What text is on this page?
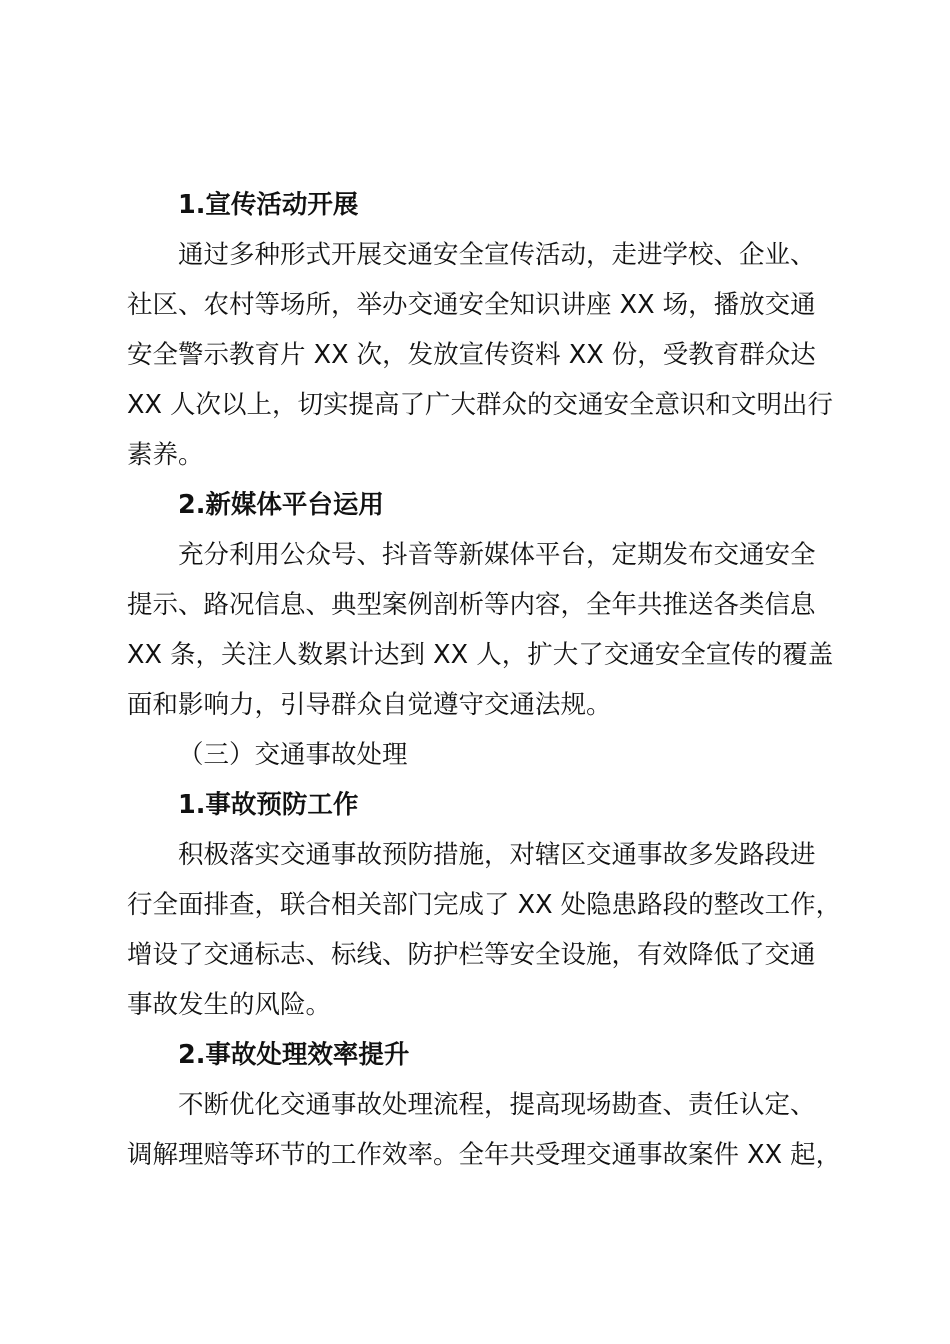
1.宣传活动开展
通过多种形式开展交通安全宣传活动，走进学校、企业、
社区、农村等场所，举办交通安全知识讲座 XX 场，播放交通
安全警示教育片 XX 次，发放宣传资料 XX 份，受教育群众达
XX 人次以上，切实提高了广大群众的交通安全意识和文明出行
素养。
2.新媒体平台运用
充分利用公众号、抖音等新媒体平台，定期发布交通安全
提示、路况信息、典型案例剖析等内容，全年共推送各类信息
XX 条，关注人数累计达到 XX 人，扩大了交通安全宣传的覆盖
面和影响力，引导群众自觉遵守交通法规。
（三）交通事故处理
1.事故预防工作
积极落实交通事故预防措施，对辖区交通事故多发路段进
行全面排查，联合相关部门完成了 XX 处隐患路段的整改工作，
增设了交通标志、标线、防护栏等安全设施，有效降低了交通
事故发生的风险。
2.事故处理效率提升
不断优化交通事故处理流程，提高现场勘查、责任认定、
调解理赔等环节的工作效率。全年共受理交通事故案件 XX 起，
